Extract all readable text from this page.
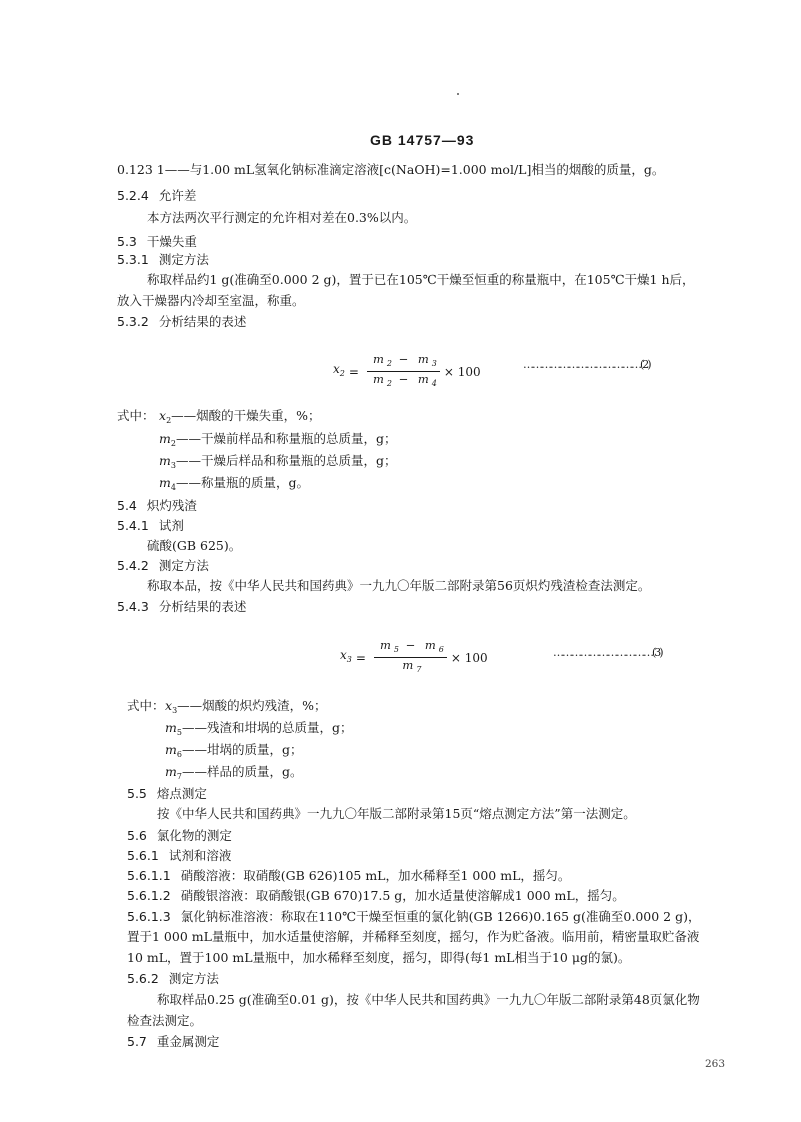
GB 14757—93
0.123 1——与1.00 mL氢氧化钠标准滴定溶液[c(NaOH)=1.000 mol/L]相当的烟酸的质量，g。
5.2.4 允许差
本方法两次平行测定的允许相对差在0.3%以内。
5.3 干燥失重
5.3.1 测定方法
称取样品约1 g(准确至0.000 2 g)，置于已在105℃干燥至恒重的称量瓶中，在105℃干燥1 h后，
放入干燥器内冷却至室温，称重。
5.3.2 分析结果的表述
$x_2 = \frac{m _2 - m _3}{m _2 - m _4} \times 100$	…………………………………(2)
式中： $x_2——$烟酸的干燥失重，%；
$m_2——$干燥前样品和称量瓶的总质量，g；
$m_3——$干燥后样品和称量瓶的总质量，g；
$m_4——$称量瓶的质量，g。
5.4 炽灼残渣
5.4.1 试剂
硫酸(GB 625)。
5.4.2 测定方法
称取本品，按《中华人民共和国药典》一九九〇年版二部附录第56页炽灼残渣检查法测定。
5.4.3 分析结果的表述
$x_3 = \frac{m _5 - m _6}{m _7} \times 100$	……………………………(3)
式中： $x_3——$烟酸的炽灼残渣，%；
$m_5——$残渣和坩埚的总质量，g；
$m_6——$坩埚的质量，g；
$m_7——$样品的质量，g。
5.5 熔点测定
按《中华人民共和国药典》一九九〇年版二部附录第15页“熔点测定方法”第一法测定。
5.6 氯化物的测定
5.6.1 试剂和溶液
5.6.1.1 硝酸溶液：取硝酸(GB 626)105 mL，加水稀释至1 000 mL，摇匀。
5.6.1.2 硝酸银溶液：取硝酸银(GB 670)17.5 g，加水适量使溶解成1 000 mL，摇匀。
5.6.1.3 氯化钠标准溶液：称取在110℃干燥至恒重的氯化钠(GB 1266)0.165 g(准确至0.000 2 g)，
置于1 000 mL量瓶中，加水适量使溶解，并稀释至刻度，摇匀，作为贮备液。临用前，精密量取贮备液
10 mL，置于100 mL量瓶中，加水稀释至刻度，摇匀，即得(每1 mL相当于10 μg的氯)。
5.6.2 测定方法
称取样品0.25 g(准确至0.01 g)，按《中华人民共和国药典》一九九〇年版二部附录第48页氯化物
检查法测定。
5.7 重金属测定
263
